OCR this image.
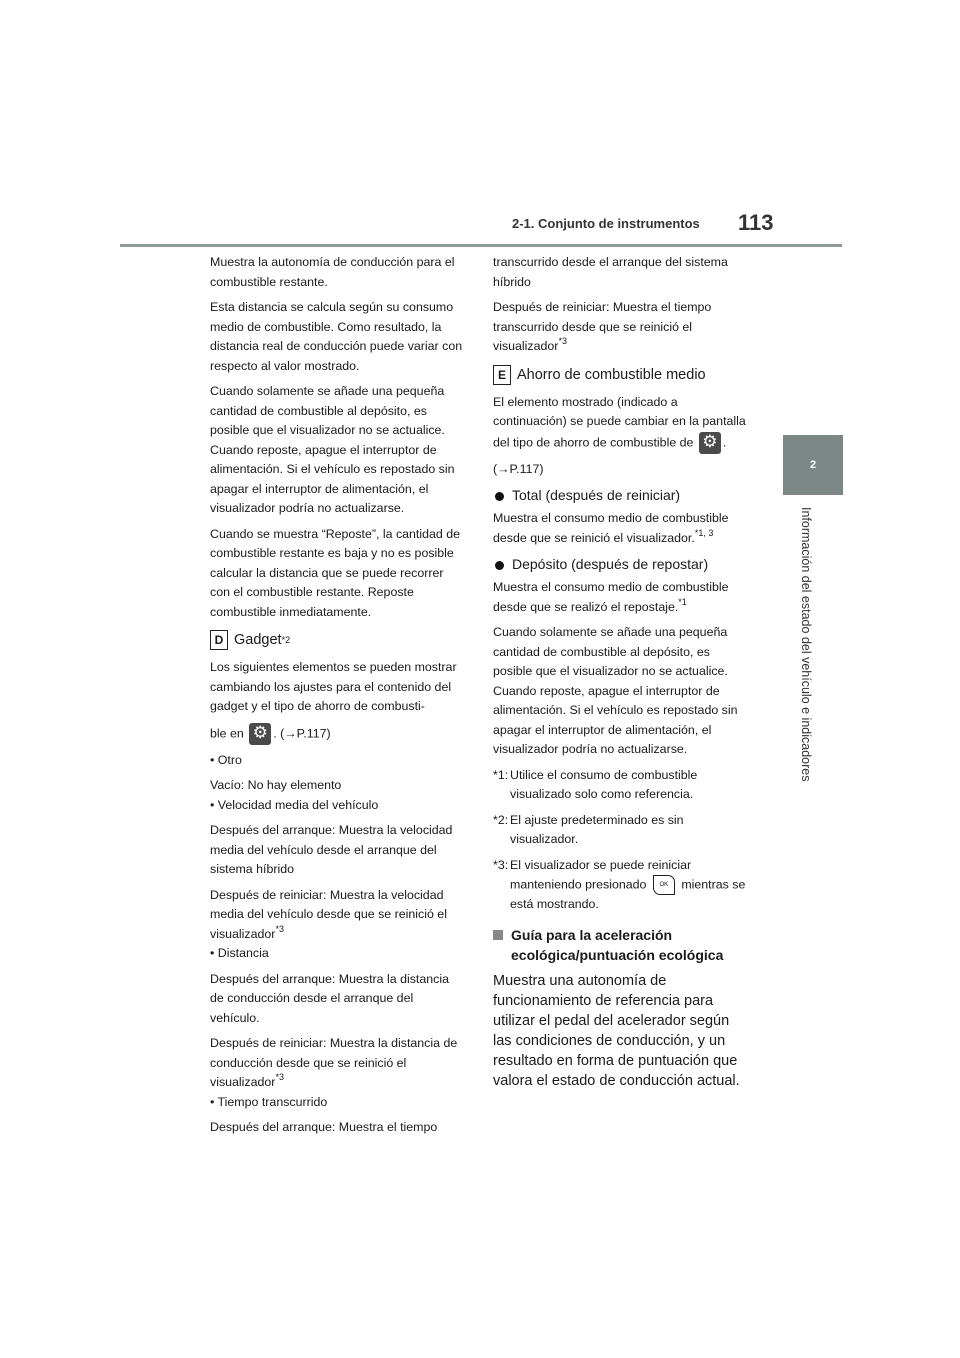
2-1. Conjunto de instrumentos 113
2
Información del estado del vehículo e indicadores

Muestra la autonomía de conducción para el combustible restante.

Esta distancia se calcula según su consumo medio de combustible. Como resultado, la distancia real de conducción puede variar con respecto al valor mostrado.

Cuando solamente se añade una pequeña cantidad de combustible al depósito, es posible que el visualizador no se actualice. Cuando reposte, apague el interruptor de alimentación. Si el vehículo es repostado sin apagar el interruptor de alimentación, el visualizador podría no actualizarse.

Cuando se muestra “Reposte”, la cantidad de combustible restante es baja y no es posible calcular la distancia que se puede recorrer con el combustible restante. Reposte combustible inmediatamente.

D Gadget *2

Los siguientes elementos se pueden mostrar cambiando los ajustes para el contenido del gadget y el tipo de ahorro de combusti-

ble en ⚙ . (→P.117)

• Otro

Vacío: No hay elemento

• Velocidad media del vehículo

Después del arranque: Muestra la velocidad media del vehículo desde el arranque del sistema híbrido

Después de reiniciar: Muestra la velocidad media del vehículo desde que se reinició el visualizador$^{*3}$

• Distancia

Después del arranque: Muestra la distancia de conducción desde el arranque del vehículo.

Después de reiniciar: Muestra la distancia de conducción desde que se reinició el visualizador$^{*3}$

• Tiempo transcurrido

Después del arranque: Muestra el tiempo

transcurrido desde el arranque del sistema híbrido

Después de reiniciar: Muestra el tiempo transcurrido desde que se reinició el visualizador$^{*3}$

E Ahorro de combustible medio

El elemento mostrado (indicado a continuación) se puede cambiar en la pantalla del tipo de ahorro de combustible de ⚙ .

(→P.117)

Total (después de reiniciar)

Muestra el consumo medio de combustible desde que se reinició el visualizador.$^{*1, 3}$

Depósito (después de repostar)

Muestra el consumo medio de combustible desde que se realizó el repostaje.$^{*1}$

Cuando solamente se añade una pequeña cantidad de combustible al depósito, es posible que el visualizador no se actualice. Cuando reposte, apague el interruptor de alimentación. Si el vehículo es repostado sin apagar el interruptor de alimentación, el visualizador podría no actualizarse.

*1: Utilice el consumo de combustible visualizado solo como referencia.
*2: El ajuste predeterminado es sin visualizador.
*3: El visualizador se puede reiniciar manteniendo presionado OK mientras se está mostrando.
Guía para la aceleración ecológica/puntuación ecológica

Muestra una autonomía de funcionamiento de referencia para utilizar el pedal del acelerador según las condiciones de conducción, y un resultado en forma de puntuación que valora el estado de conducción actual.
